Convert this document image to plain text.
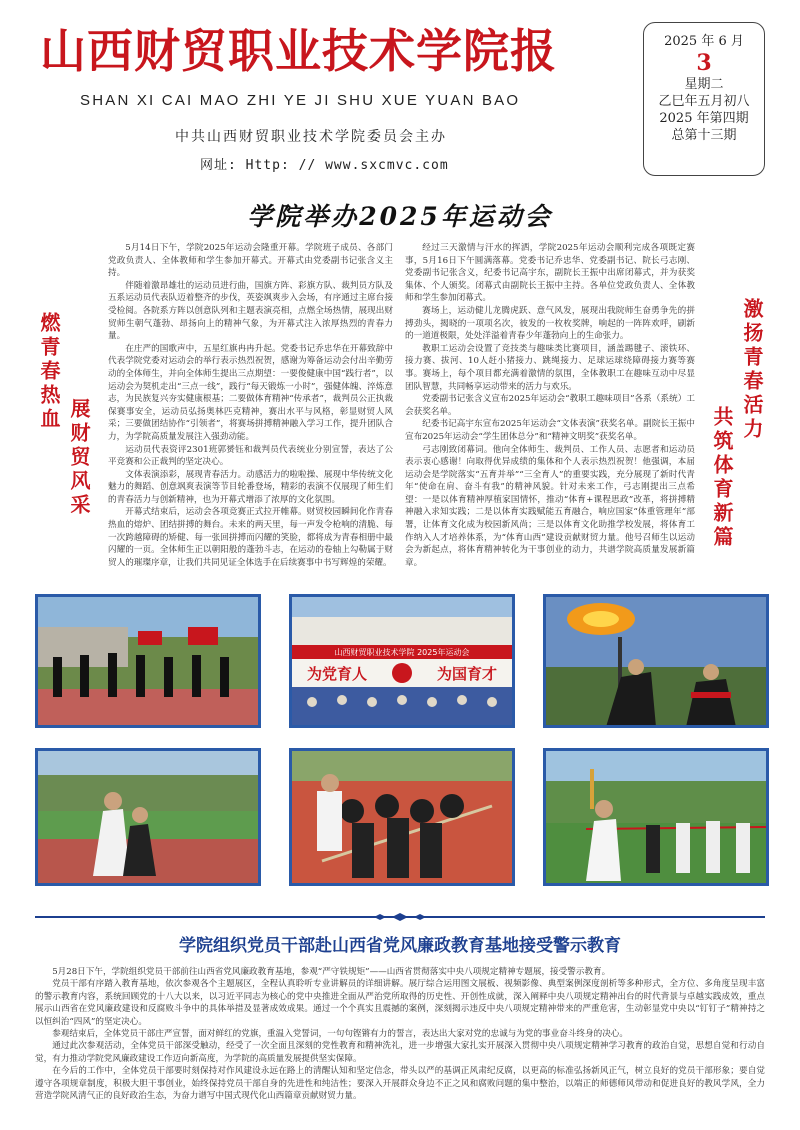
山西财贸职业技术学院报
SHAN XI CAI MAO ZHI YE JI SHU XUE YUAN BAO
中共山西财贸职业技术学院委员会主办
网址: Http: // www.sxcmvc.com
2025 年 6 月
3
星期二
乙巳年五月初八
2025 年第四期
总第十三期
学院举办2025年运动会
燃青春热血
展财贸风采
激扬青春活力
共筑体育新篇

5月14日下午，学院2025年运动会隆重开幕。学院班子成员、各部门党政负责人、全体教师和学生参加开幕式。开幕式由党委副书记张含义主持。

伴随着激昂雄壮的运动员进行曲，国旗方阵、彩旗方队、裁判员方队及五系运动员代表队迈着整齐的步伐，英姿飒爽步入会场，有序通过主席台接受检阅。各院系方阵以创意队列和主题表演亮相，点燃全场热情，展现出财贸师生朝气蓬勃、昂扬向上的精神气象，为开幕式注入浓厚热烈的青春力量。

在庄严的国歌声中，五星红旗冉冉升起。党委书记乔忠华在开幕致辞中代表学院党委对运动会的举行表示热烈祝贺，感谢为筹备运动会付出辛勤劳动的全体师生，并向全体师生提出三点期望：一要俊健康中国“践行者”，以运动会为契机走出“三点一线”，践行“每天锻炼一小时”，强健体魄、淬炼意志，为民族复兴夯实健康根基；二要做体育精神“传承者”，裁判员公正执裁保赛事安全，运动员弘扬奥林匹克精神，赛出水平与风格，彰显财贸人风采；三要做团结协作“引领者”，将赛场拼搏精神融入学习工作，提升团队合力，为学院高质量发展注入强劲动能。

运动员代表资评2301班郭赟钰和裁判员代表统业分别宣誓，表达了公平竞赛和公正裁判的坚定决心。

文体表演添彩，展现青春活力。动感活力的啦啦操、展现中华传统文化魅力的舞蹈、创意飒爽表演等节目轮番登场，精彩的表演不仅展现了师生们的青春活力与创新精神，也为开幕式增添了浓厚的文化氛围。

开幕式结束后，运动会各项竞赛正式拉开帷幕。财贸校园瞬间化作青春热血的熔炉、团结拼搏的舞台。未来的两天里，每一声发令枪响的清脆、每一次跨越障碍的矫健、每一张回拼搏而闪耀的笑脸，都将成为青春相册中最闪耀的一页。全体师生正以朝阳般的蓬勃斗志，在运动的卷轴上勾勒属于财贸人的璀璨序章，让我们共同见证全体选手在后续赛事中书写辉煌的荣耀。

经过三天激情与汗水的挥洒，学院2025年运动会顺利完成各项既定赛事，5月16日下午圆满落幕。党委书记乔忠华、党委副书记、院长弓志刚、党委副书记张含义，纪委书记高宇东，副院长王振中出席闭幕式，并为获奖集体、个人颁奖。闭幕式由副院长王振中主持。各单位党政负责人、全体教师和学生参加闭幕式。

赛场上，运动健儿龙腾虎跃、意气风发，展现出我院师生奋勇争先的拼搏劲头，揭晓的一项项名次，彼发的一枚枚奖牌，响起的一阵阵欢呼，刷新的一道道极限，处处洋溢着青春少年蓬勃向上的生命张力。

教职工运动会设置了竞技类与趣味类比赛项目，涵盖踢毽子、滚铁环、接力赛、拔河、10人赶小猪接力、跳绳接力、足球运球绕障碍接力赛等赛事。赛场上，每个项目都充满着激情的氛围，全体教职工在趣味互动中尽显团队智慧，共同畅享运动带来的活力与欢乐。

党委副书记张含义宣布2025年运动会“教职工趣味项目”各系（系统）工会获奖名单。

纪委书记高宇东宣布2025年运动会“文体表演”获奖名单。副院长王振中宣布2025年运动会“学生团体总分”和“精神文明奖”获奖名单。

弓志刚致闭幕词。他向全体师生、裁判员、工作人员、志愿者和运动员表示衷心感谢！向取得优异成绩的集体和个人表示热烈祝贺！他强调，本届运动会是学院落实“五育并举”“三全育人”的重要实践，充分展现了新时代青年“使命在肩、奋斗有我”的精神风貌。针对未来工作，弓志刚提出三点希望：一是以体育精神厚植家国情怀，推动“体育+课程思政”改革，将拼搏精神融入求知实践；二是以体育实践赋能五育融合，响应国家“体重管理年”部署，让体育文化成为校园新风尚；三是以体育文化助推学校发展，将体育工作纳入人才培养体系，为“体育山西”建设贡献财贸力量。他号召师生以运动会为新起点，将体育精神转化为干事创业的动力，共谱学院高质量发展新篇章。

山西财贸职业技术学院 2025年运动会
为党育人	为国育才
学院组织党员干部赴山西省党风廉政教育基地接受警示教育

5月28日下午，学院组织党员干部前往山西省党风廉政教育基地，参观“严守铁规矩”——山西省贯彻落实中央八项规定精神专题展，接受警示教育。

党员干部有序踏入教育基地，依次参观各个主题展区，全程认真聆听专业讲解员的详细讲解。展厅综合运用图文展板、视频影像、典型案例深度剖析等多种形式，全方位、多角度呈现丰富的警示教育内容，系统回顾党的十八大以来，以习近平同志为核心的党中央推进全面从严治党所取得的历史性、开创性成就，深入阐释中央八项规定精神出台的时代背景与卓越实践成效，重点展示山西省在党风廉政建设和反腐败斗争中的具体举措及显著成效成果。通过一个个真实且震撼的案例，深刻揭示违反中央八项规定精神带来的严重危害，生动彰显党中央以“钉钉子”精神持之以恒纠治“四风”的坚定决心。

参观结束后，全体党员干部庄严宣誓，面对鲜红的党旗，重温入党誓词，一句句铿锵有力的誓言，表达出大家对党的忠诚与为党的事业奋斗终身的决心。

通过此次参观活动，全体党员干部深受触动，经受了一次全面且深刻的党性教育和精神洗礼，进一步增强大家扎实开展深入贯彻中央八项规定精神学习教育的政治自觉，思想自觉和行动自觉，有力推动学院党风廉政建设工作迈向新高度，为学院的高质量发展提供坚实保障。

在今后的工作中，全体党员干部要时刻保持对作风建设永远在路上的清醒认知和坚定信念，带头以严的基调正风肃纪反腐，以更高的标准弘扬新风正气，树立良好的党员干部形象；要自觉遵守各项规章制度，积极大胆干事创业，始终保持党员干部自身的先进性和纯洁性；要深入开展群众身边不正之风和腐败问题的集中整治，以端正的师德师风带动和促进良好的教风学风，全力营造学院风清气正的良好政治生态，为奋力谱写中国式现代化山西篇章贡献财贸力量。
